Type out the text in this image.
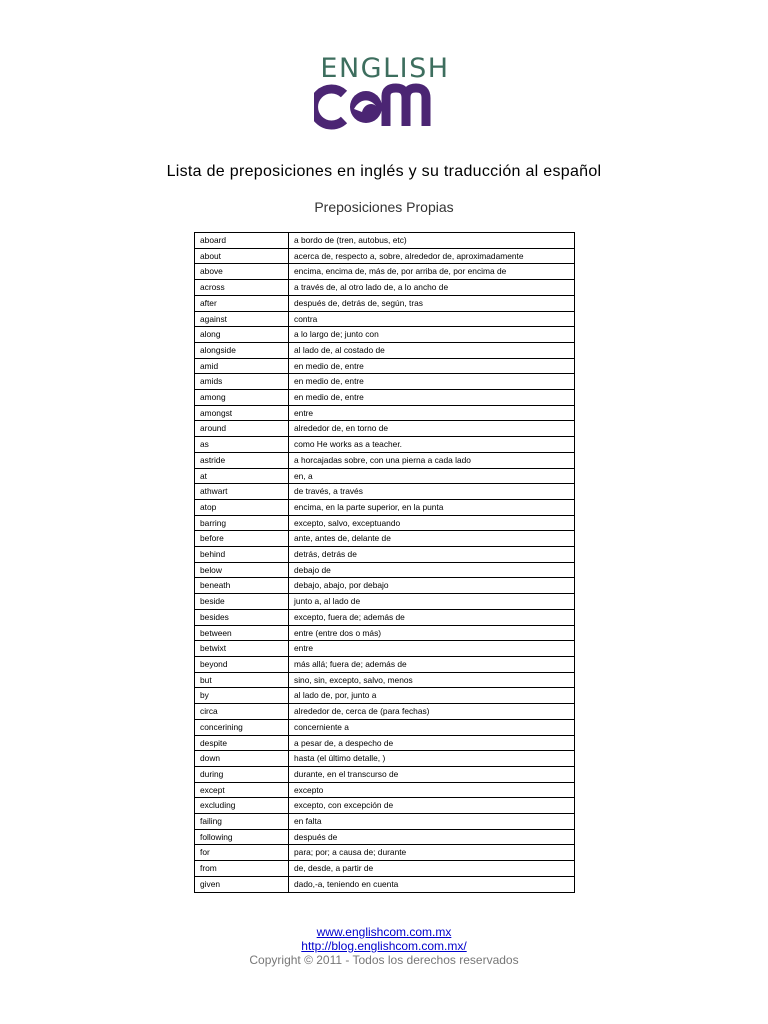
ENGLISH
Lista de preposiciones en inglés y su traducción al español
Preposiciones Propias
aboard	a bordo de (tren, autobus, etc)
about	acerca de, respecto a, sobre, alrededor de, aproximadamente
above	encima, encima de, más de, por arriba de, por encima de
across	a través de, al otro lado de, a lo ancho de
after	después de, detrás de, según, tras
against	contra
along	a lo largo de; junto con
alongside	al lado de, al costado de
amid	en medio de, entre
amids	en medio de, entre
among	en medio de, entre
amongst	entre
around	alrededor de, en torno de
as	como He works as a teacher.
astride	a horcajadas sobre, con una pierna a cada lado
at	en, a
athwart	de través, a través
atop	encima, en la parte superior, en la punta
barring	excepto, salvo, exceptuando
before	ante, antes de, delante de
behind	detrás, detrás de
below	debajo de
beneath	debajo, abajo, por debajo
beside	junto a, al lado de
besides	excepto, fuera de; además de
between	entre (entre dos o más)
betwixt	entre
beyond	más allá; fuera de; además de
but	sino, sin, excepto, salvo, menos
by	al lado de, por, junto a
circa	alrededor de, cerca de (para fechas)
concerining	concerniente a
despite	a pesar de, a despecho de
down	hasta (el último detalle, )
during	durante, en el transcurso de
except	excepto
excluding	excepto, con excepción de
failing	en falta
following	después de
for	para; por; a causa de; durante
from	de, desde, a partir de
given	dado,-a, teniendo en cuenta
www.englishcom.com.mx
http://blog.englishcom.com.mx/
Copyright © 2011 - Todos los derechos reservados
